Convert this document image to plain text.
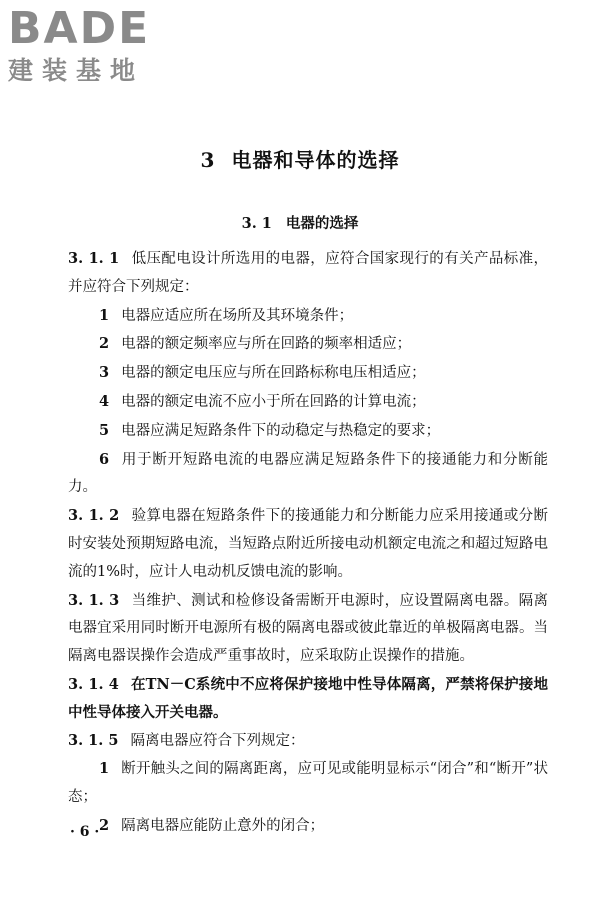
BADE
建装基地
3 电器和导体的选择
3. 1 电器的选择

3. 1. 1 低压配电设计所选用的电器，应符合国家现行的有关产品标准，并应符合下列规定：

1 电器应适应所在场所及其环境条件；

2 电器的额定频率应与所在回路的频率相适应；

3 电器的额定电压应与所在回路标称电压相适应；

4 电器的额定电流不应小于所在回路的计算电流；

5 电器应满足短路条件下的动稳定与热稳定的要求；

6 用于断开短路电流的电器应满足短路条件下的接通能力和分断能力。

3. 1. 2 验算电器在短路条件下的接通能力和分断能力应采用接通或分断时安装处预期短路电流，当短路点附近所接电动机额定电流之和超过短路电流的1%时，应计人电动机反馈电流的影响。

3. 1. 3 当维护、测试和检修设备需断开电源时，应设置隔离电器。隔离电器宜采用同时断开电源所有极的隔离电器或彼此靠近的单极隔离电器。当隔离电器误操作会造成严重事故时，应采取防止误操作的措施。

3. 1. 4 在TN－C系统中不应将保护接地中性导体隔离，严禁将保护接地中性导体接入开关电器。

3. 1. 5 隔离电器应符合下列规定：

1 断开触头之间的隔离距离，应可见或能明显标示“闭合”和“断开”状态；

2 隔离电器应能防止意外的闭合；

· 6 ·
